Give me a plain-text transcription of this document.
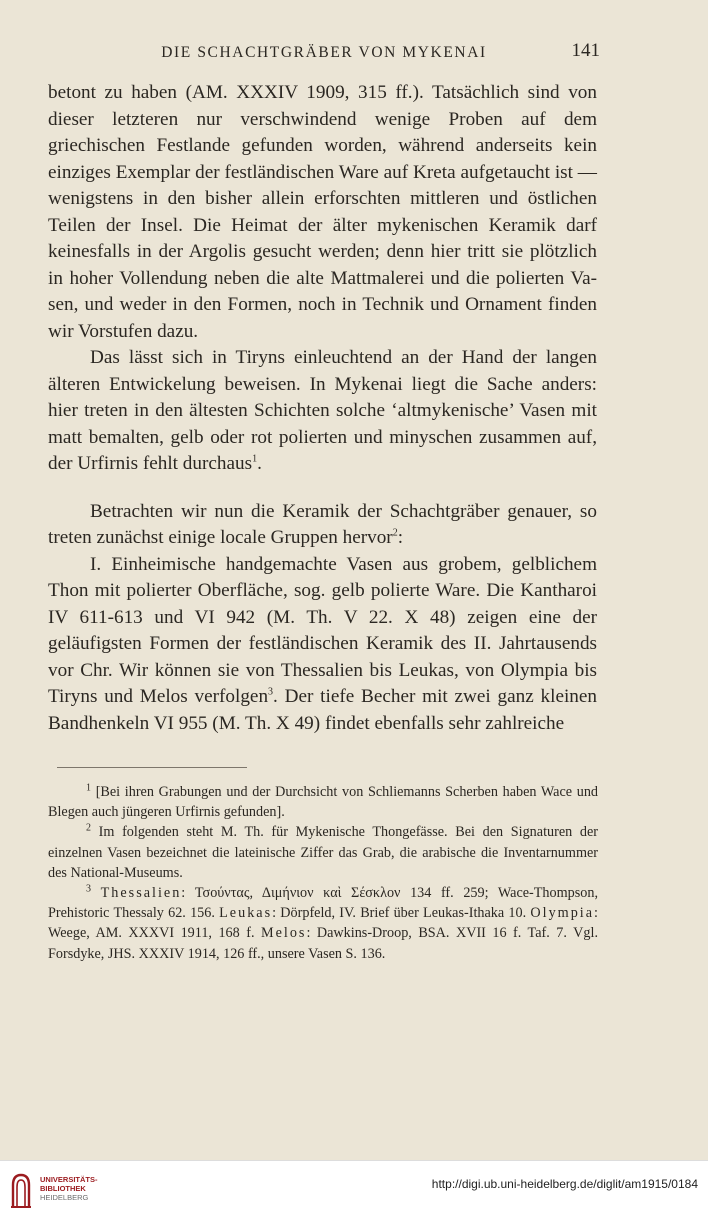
DIE SCHACHTGRÄBER VON MYKENAI	141

betont zu haben (AM. XXXIV 1909, 315 ff.). Tatsächlich sind von dieser letzteren nur verschwindend wenige Proben auf dem griechischen Festlande gefunden worden, während anderseits kein einziges Exemplar der festländischen Ware auf Kreta aufgetaucht ist — wenigstens in den bisher allein erforschten mittleren und östlichen Teilen der Insel. Die Heimat der älter mykenischen Keramik darf keinesfalls in der Argolis gesucht werden; denn hier tritt sie plötzlich in hoher Vollendung neben die alte Mattmalerei und die polierten Vasen, und weder in den Formen, noch in Technik und Ornament finden wir Vorstufen dazu.

Das lässt sich in Tiryns einleuchtend an der Hand der langen älteren Entwickelung beweisen. In Mykenai liegt die Sache anders: hier treten in den ältesten Schichten solche ‘altmykenische’ Vasen mit matt bemalten, gelb oder rot polierten und minyschen zusammen auf, der Urfirnis fehlt durchaus$^1$.

Betrachten wir nun die Keramik der Schachtgräber genauer, so treten zunächst einige locale Gruppen hervor$^2$:

I. Einheimische handgemachte Vasen aus grobem, gelblichem Thon mit polierter Oberfläche, sog. gelb polierte Ware. Die Kantharoi IV 611-613 und VI 942 (M. Th. V 22. X 48) zeigen eine der geläufigsten Formen der festländischen Keramik des II. Jahrtausends vor Chr. Wir können sie von Thessalien bis Leukas, von Olympia bis Tiryns und Melos verfolgen$^3$. Der tiefe Becher mit zwei ganz kleinen Bandhenkeln VI 955 (M. Th. X 49) findet ebenfalls sehr zahlreiche

$^1$ [Bei ihren Grabungen und der Durchsicht von Schliemanns Scherben haben Wace und Blegen auch jüngeren Urfirnis gefunden].

$^2$ Im folgenden steht M. Th. für Mykenische Thongefässe. Bei den Signaturen der einzelnen Vasen bezeichnet die lateinische Ziffer das Grab, die arabische die Inventarnummer des National-Museums.

$^3$ Thessalien: Τσούντας, Διμήνιον καὶ Σέσκλον 134 ff. 259; Wace-Thompson, Prehistoric Thessaly 62. 156. Leukas: Dörpfeld, IV. Brief über Leukas-Ithaka 10. Olympia: Weege, AM. XXXVI 1911, 168 f. Melos: Dawkins-Droop, BSA. XVII 16 f. Taf. 7. Vgl. Forsdyke, JHS. XXXIV 1914, 126 ff., unsere Vasen S. 136.

UNIVERSITÄTS-
BIBLIOTHEK
HEIDELBERG
http://digi.ub.uni-heidelberg.de/diglit/am1915/0184
